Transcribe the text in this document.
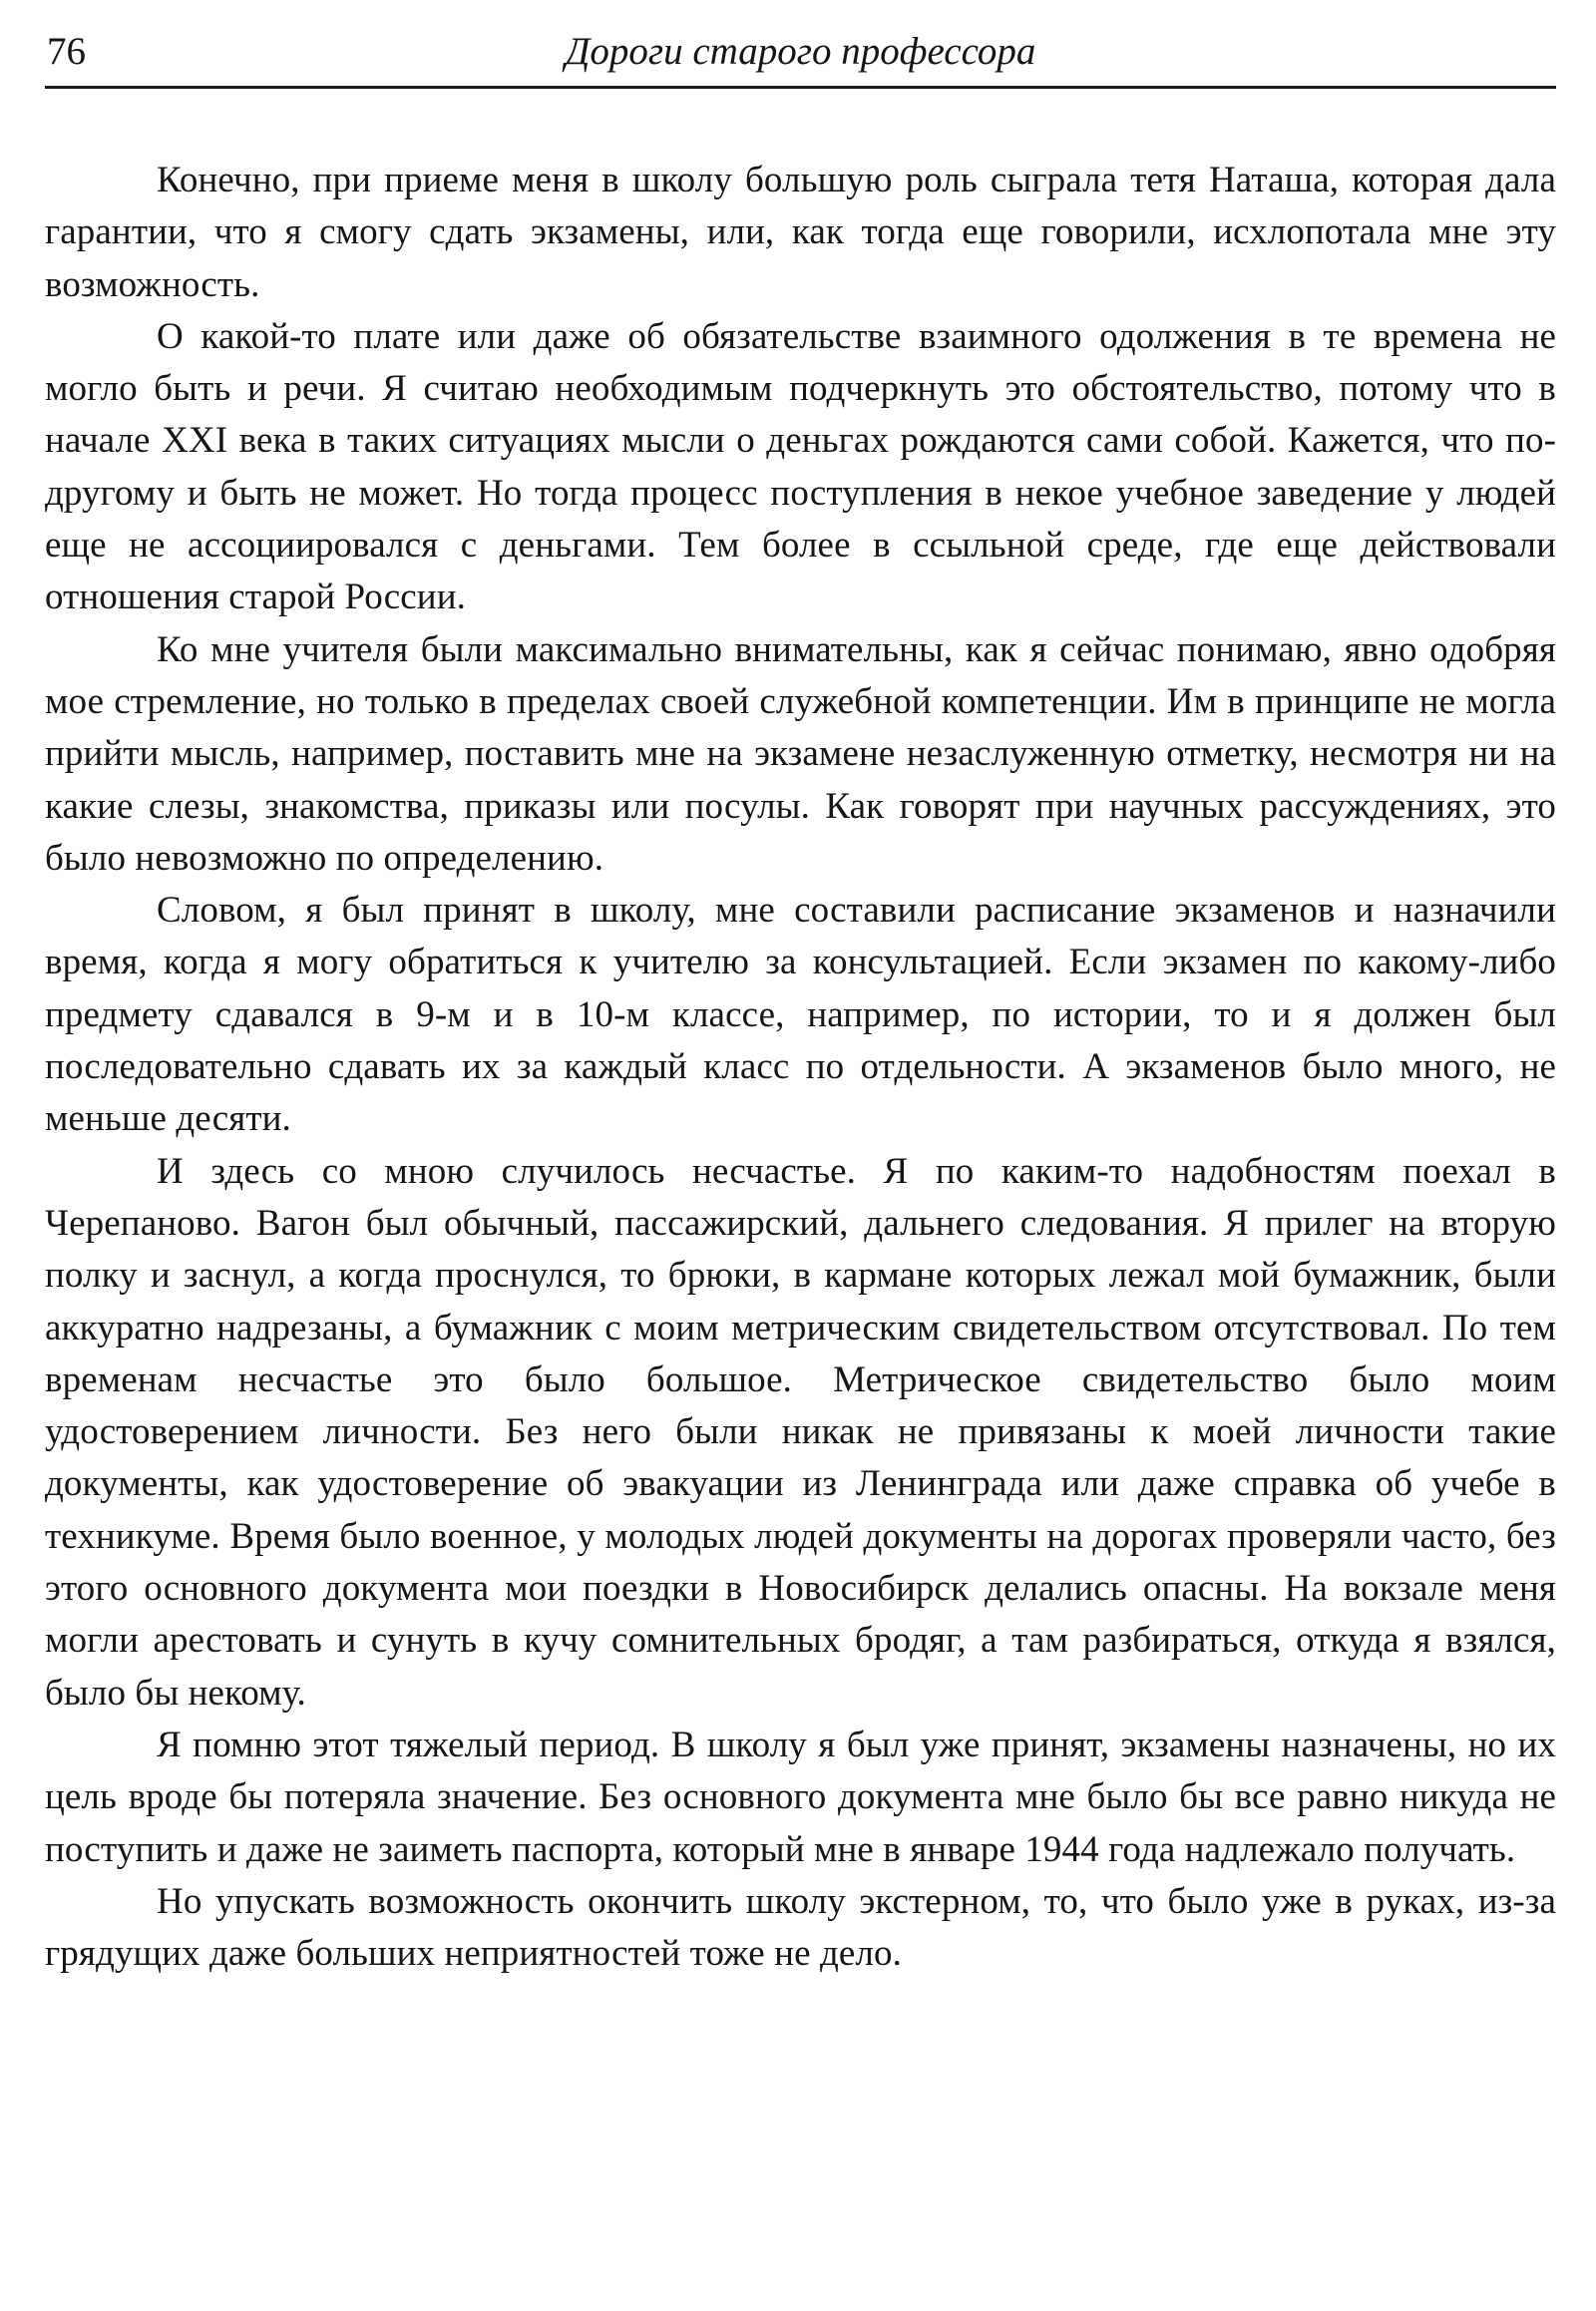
76	Дороги старого профессора

Конечно, при приеме меня в школу большую роль сыграла тетя Наташа, которая дала гарантии, что я смогу сдать экзамены, или, как тогда еще говорили, исхлопотала мне эту возможность.

О какой-то плате или даже об обязательстве взаимного одолжения в те времена не могло быть и речи. Я считаю необходимым подчеркнуть это обстоятельство, потому что в начале XXI века в таких ситуациях мысли о деньгах рождаются сами собой. Кажется, что по-другому и быть не может. Но тогда процесс поступления в некое учебное заведение у людей еще не ассоциировался с деньгами. Тем более в ссыльной среде, где еще действовали отношения старой России.

Ко мне учителя были максимально внимательны, как я сейчас понимаю, явно одобряя мое стремление, но только в пределах своей служебной компетенции. Им в принципе не могла прийти мысль, например, поставить мне на экзамене незаслуженную отметку, несмотря ни на какие слезы, знакомства, приказы или посулы. Как говорят при научных рассуждениях, это было невозможно по определению.

Словом, я был принят в школу, мне составили расписание экзаменов и назначили время, когда я могу обратиться к учителю за консультацией. Если экзамен по какому-либо предмету сдавался в 9-м и в 10-м классе, например, по истории, то и я должен был последовательно сдавать их за каждый класс по отдельности. А экзаменов было много, не меньше десяти.

И здесь со мною случилось несчастье. Я по каким-то надобностям поехал в Черепаново. Вагон был обычный, пассажирский, дальнего следования. Я прилег на вторую полку и заснул, а когда проснулся, то брюки, в кармане которых лежал мой бумажник, были аккуратно надрезаны, а бумажник с моим метрическим свидетельством отсутствовал. По тем временам несчастье это было большое. Метрическое свидетельство было моим удостоверением личности. Без него были никак не привязаны к моей личности такие документы, как удостоверение об эвакуации из Ленинграда или даже справка об учебе в техникуме. Время было военное, у молодых людей документы на дорогах проверяли часто, без этого основного документа мои поездки в Новосибирск делались опасны. На вокзале меня могли арестовать и сунуть в кучу сомнительных бродяг, а там разбираться, откуда я взялся, было бы некому.

Я помню этот тяжелый период. В школу я был уже принят, экзамены назначены, но их цель вроде бы потеряла значение. Без основного документа мне было бы все равно никуда не поступить и даже не заиметь паспорта, который мне в январе 1944 года надлежало получать.

Но упускать возможность окончить школу экстерном, то, что было уже в руках, из-за грядущих даже больших неприятностей тоже не дело.
